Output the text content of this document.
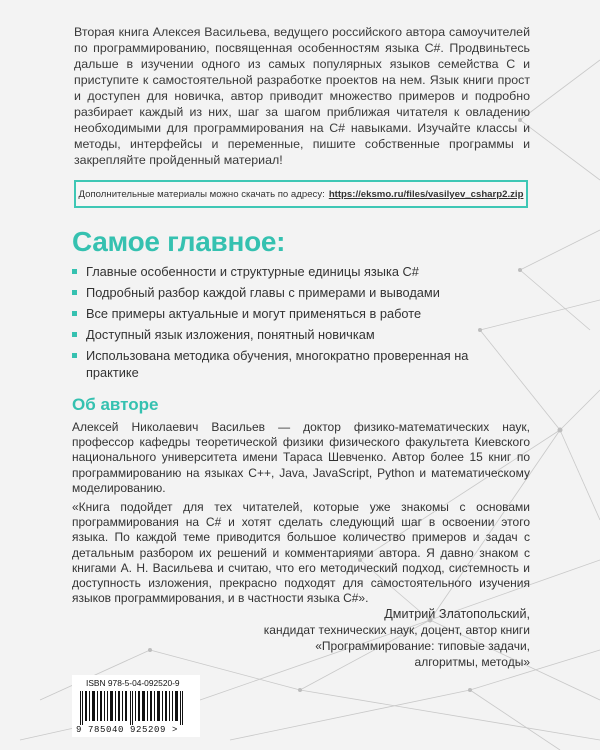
Вторая книга Алексея Васильева, ведущего российского автора самоучителей по программированию, посвященная особенностям языка C#. Продвиньтесь дальше в изучении одного из самых популярных языков семейства C и приступите к самостоятельной разработке проектов на нем. Язык книги прост и доступен для новичка, автор приводит множество примеров и подробно разбирает каждый из них, шаг за шагом приближая читателя к овладению необходимыми для программирования на C# навыками. Изучайте классы и методы, интерфейсы и переменные, пишите собственные программы и закрепляйте пройденный материал!

Дополнительные материалы можно скачать по адресу: https://eksmo.ru/files/vasilyev_csharp2.zip
Самое главное:
Главные особенности и структурные единицы языка C#
Подробный разбор каждой главы с примерами и выводами
Все примеры актуальные и могут применяться в работе
Доступный язык изложения, понятный новичкам
Использована методика обучения, многократно проверенная на практике
Об авторе

Алексей Николаевич Васильев — доктор физико-математических наук, профессор кафедры теоретической физики физического факультета Киевского национального университета имени Тараса Шевченко. Автор более 15 книг по программированию на языках С++, Java, JavaScript, Python и математическому моделированию.

«Книга подойдет для тех читателей, которые уже знакомы с основами программирования на C# и хотят сделать следующий шаг в освоении этого языка. По каждой теме приводится большое количество примеров и задач с детальным разбором их решений и комментариями автора. Я давно знаком с книгами А. Н. Васильева и считаю, что его методический подход, системность и доступность изложения, прекрасно подходят для самостоятельного изучения языков программирования, и в частности языка C#».

Дмитрий Златопольский,
кандидат технических наук, доцент, автор книги
«Программирование: типовые задачи,
алгоритмы, методы»
ISBN 978-5-04-092520-9
9 785040 925209 >
